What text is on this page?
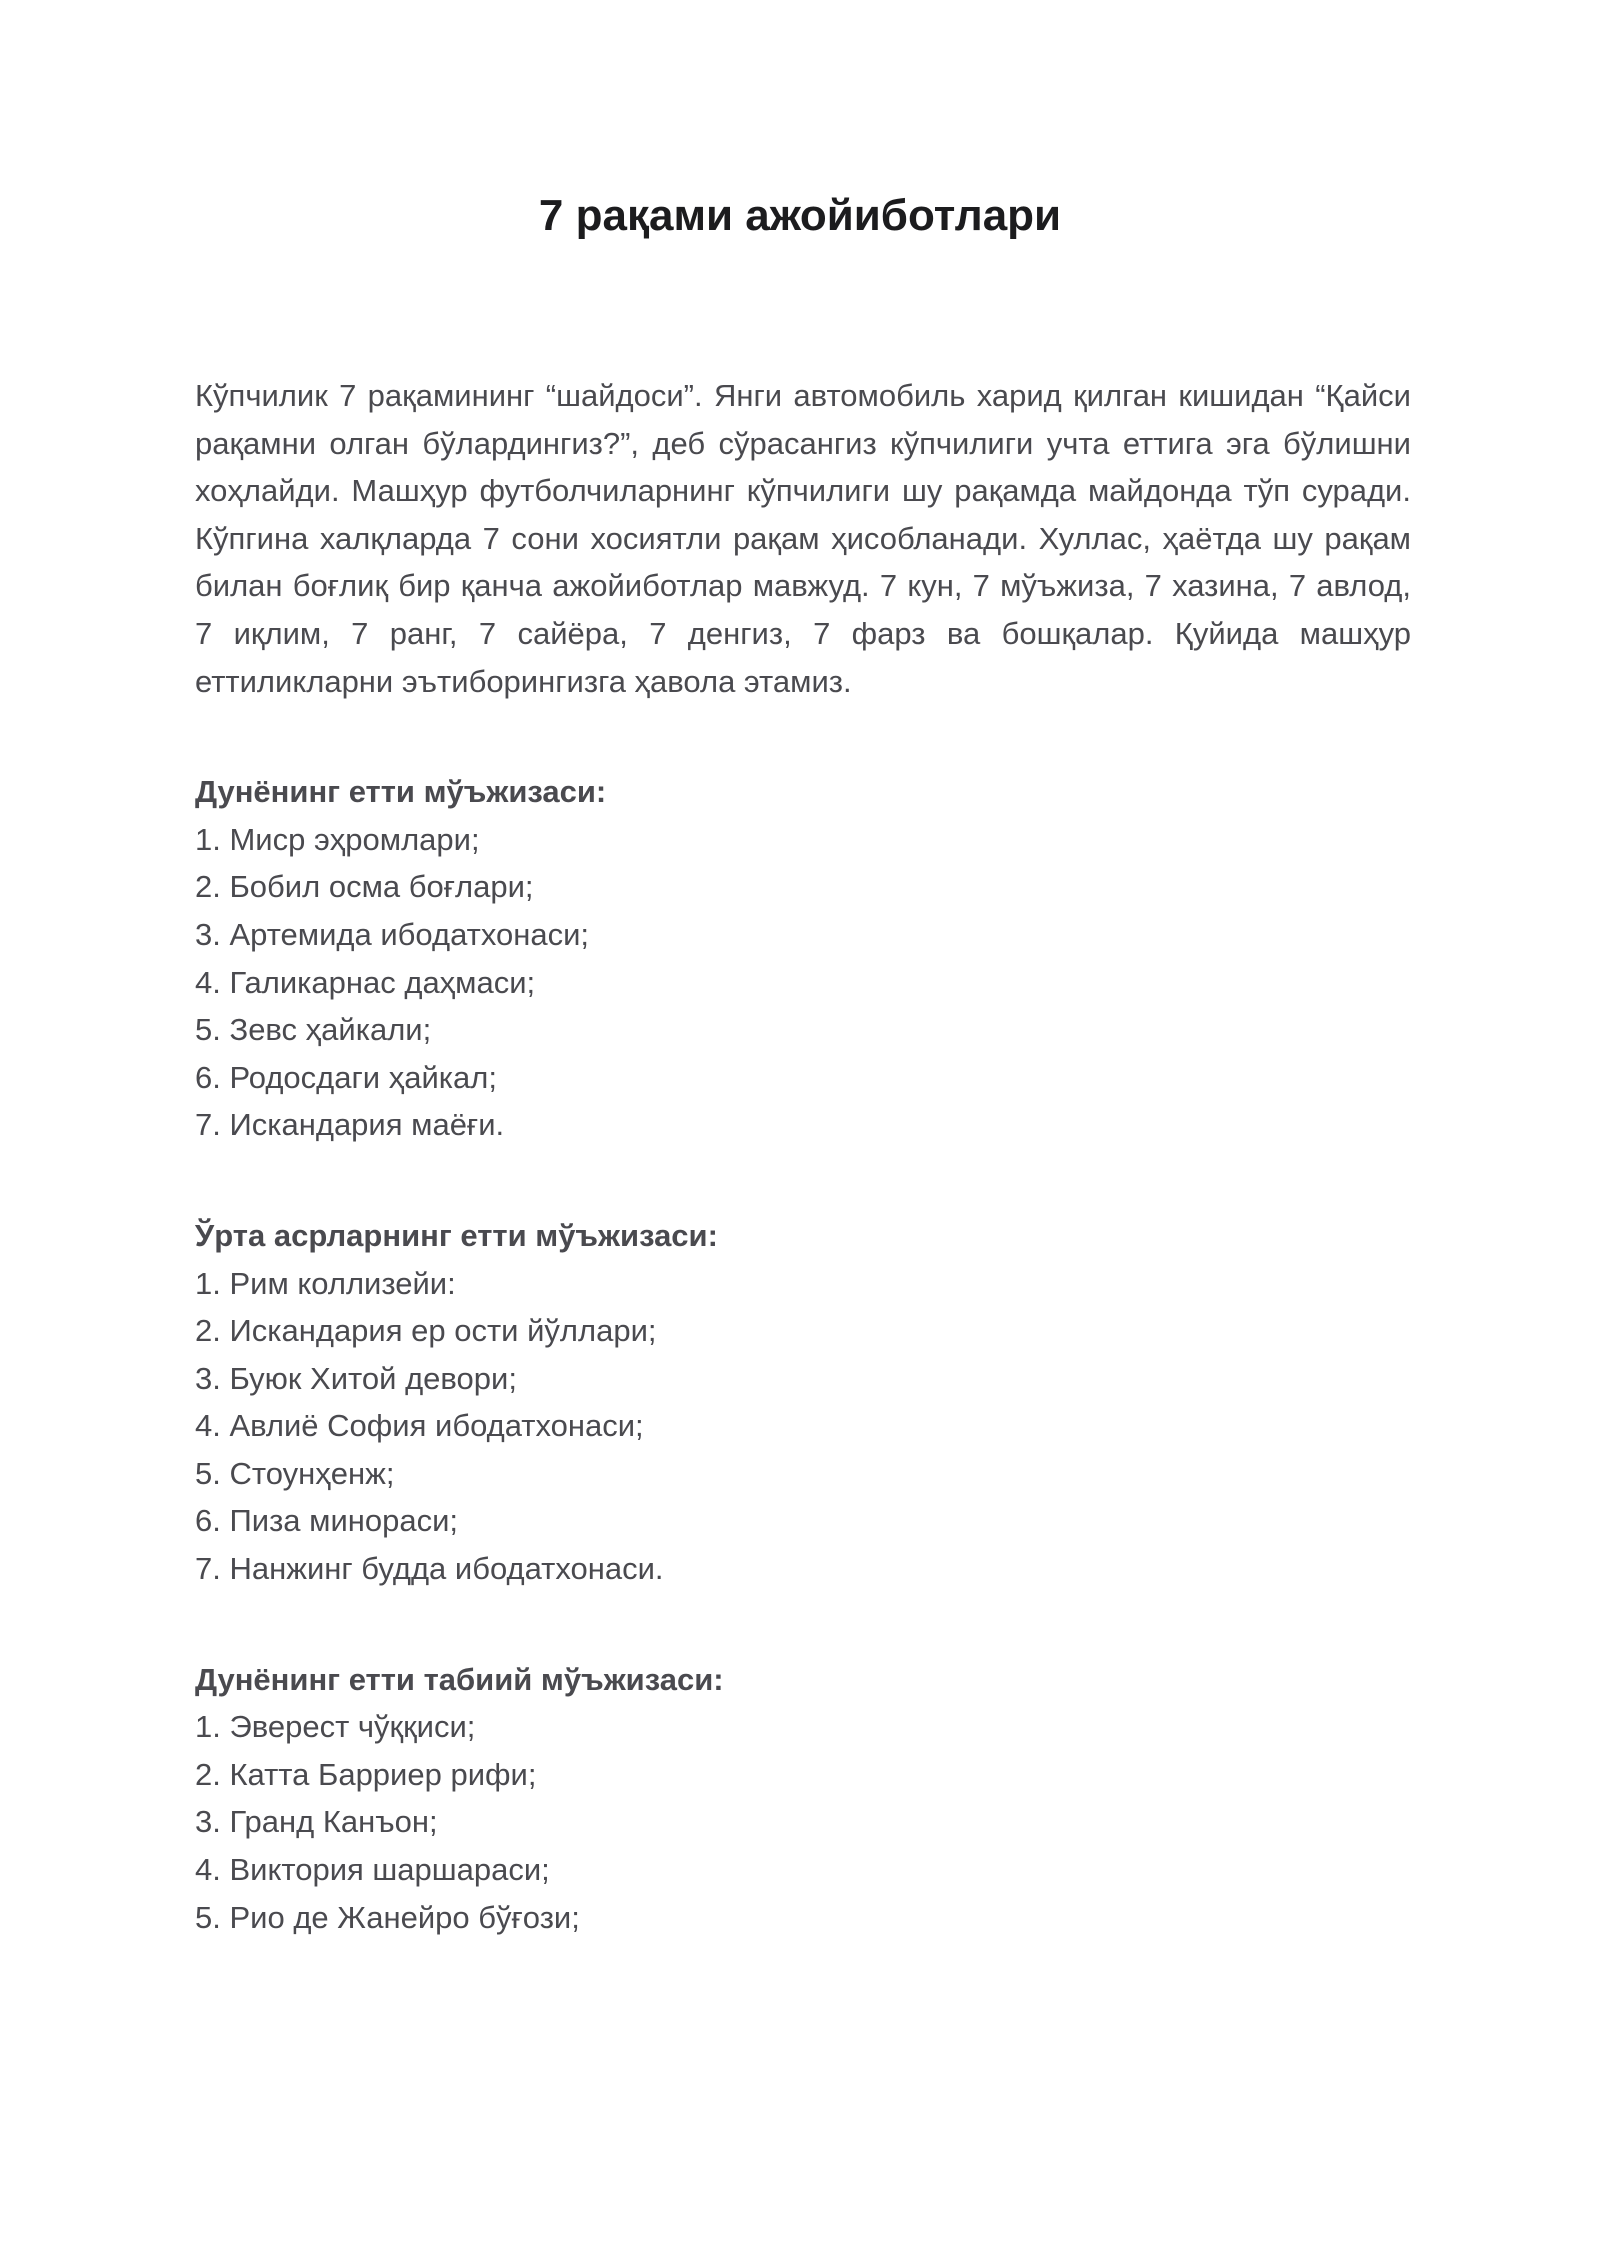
7 рақами ажойиботлари

Кўпчилик 7 рақамининг “шайдоси”. Янги автомобиль харид қилган кишидан “Қайси рақамни олган бўлардингиз?”, деб сўрасангиз кўпчилиги учта еттига эга бўлишни хоҳлайди. Машҳур футболчиларнинг кўпчилиги шу рақамда майдонда тўп суради. Кўпгина халқларда 7 сони хосиятли рақам ҳисобланади. Хуллас, ҳаётда шу рақам билан боғлиқ бир қанча ажойиботлар мавжуд. 7 кун, 7 мўъжиза, 7 хазина, 7 авлод, 7 иқлим, 7 ранг, 7 сайёра, 7 денгиз, 7 фарз ва бошқалар. Қуйида машҳур еттиликларни эътиборингизга ҳавола этамиз.

Дунёнинг етти мўъжизаси:

1. Миср эҳромлари;
2. Бобил осма боғлари;
3. Артемида ибодатхонаси;
4. Галикарнас даҳмаси;
5. Зевс ҳайкали;
6. Родосдаги ҳайкал;
7. Искандария маёғи.

Ўрта асрларнинг етти мўъжизаси:

1. Рим коллизейи:
2. Искандария ер ости йўллари;
3. Буюк Хитой девори;
4. Авлиё София ибодатхонаси;
5. Стоунҳенж;
6. Пиза минораси;
7. Нанжинг будда ибодатхонаси.

Дунёнинг етти табиий мўъжизаси:

1. Эверест чўққиси;
2. Катта Барриер рифи;
3. Гранд Канъон;
4. Виктория шаршараси;
5. Рио де Жанейро бўғози;
